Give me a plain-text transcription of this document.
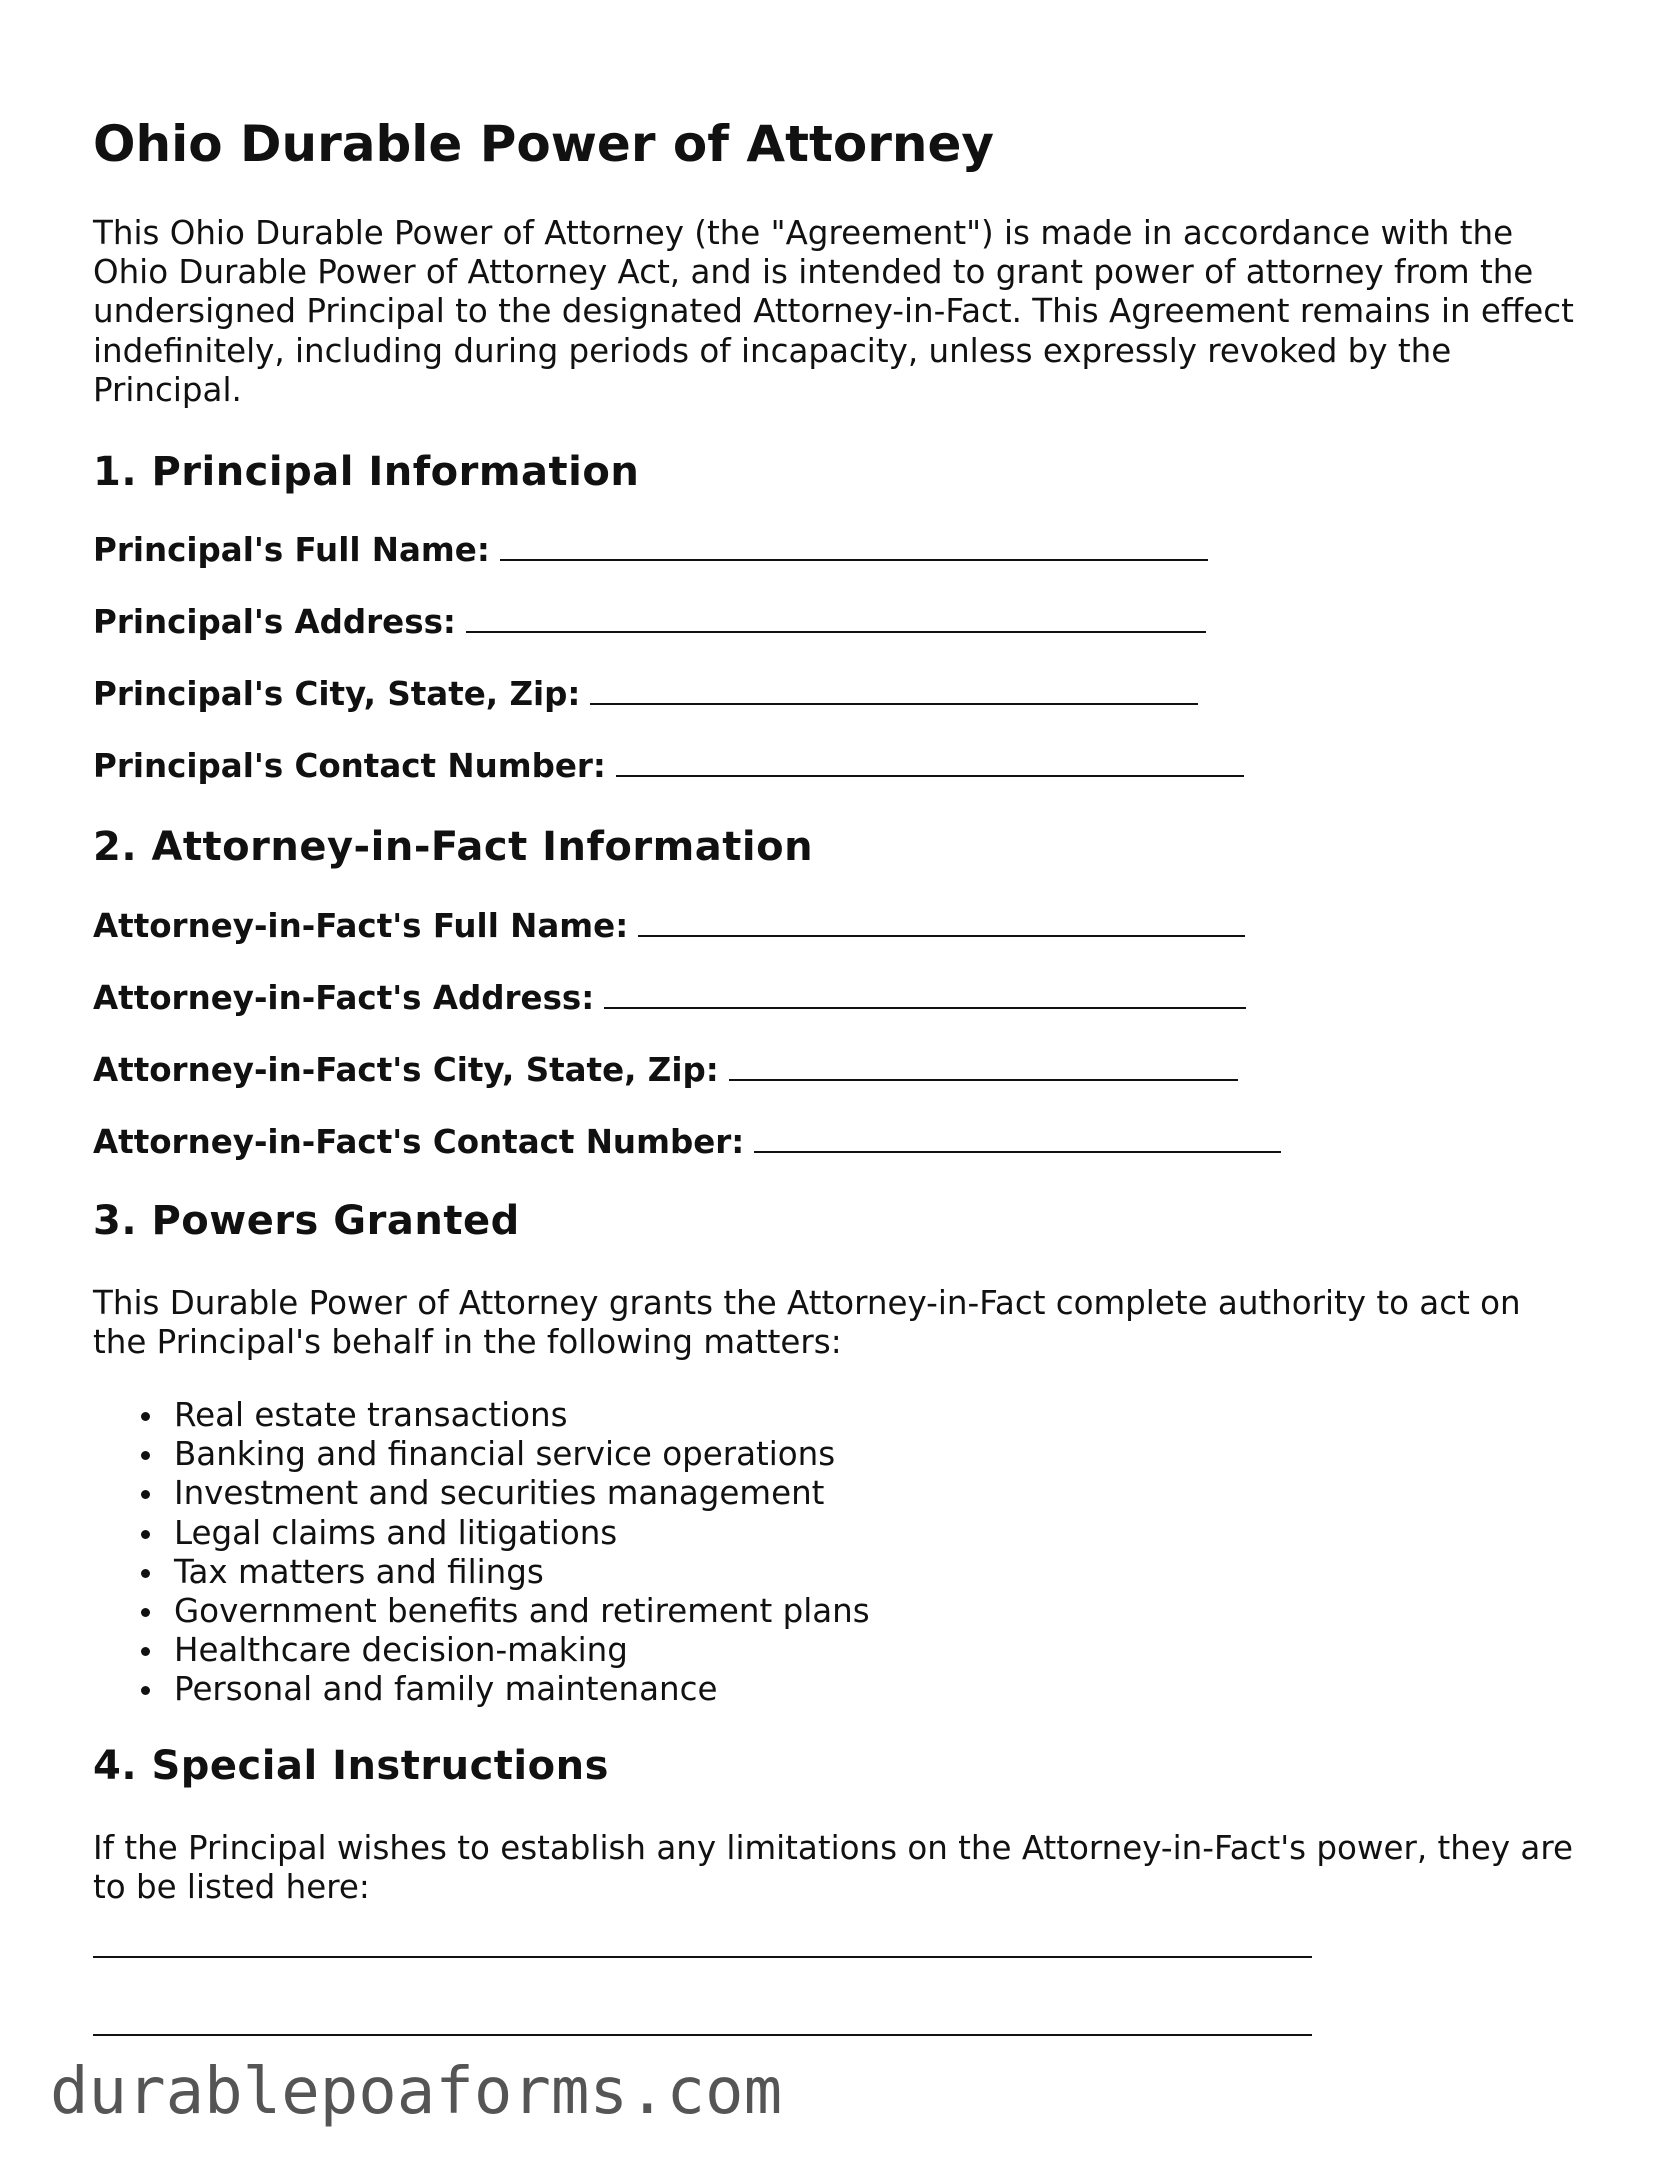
Ohio Durable Power of Attorney

This Ohio Durable Power of Attorney (the "Agreement") is made in accordance with the Ohio Durable Power of Attorney Act, and is intended to grant power of attorney from the undersigned Principal to the designated Attorney-in-Fact. This Agreement remains in effect indefinitely, including during periods of incapacity, unless expressly revoked by the Principal.

1. Principal Information
Principal's Full Name:
Principal's Address:
Principal's City, State, Zip:
Principal's Contact Number:
2. Attorney-in-Fact Information
Attorney-in-Fact's Full Name:
Attorney-in-Fact's Address:
Attorney-in-Fact's City, State, Zip:
Attorney-in-Fact's Contact Number:
3. Powers Granted

This Durable Power of Attorney grants the Attorney-in-Fact complete authority to act on the Principal's behalf in the following matters:

Real estate transactions
Banking and financial service operations
Investment and securities management
Legal claims and litigations
Tax matters and filings
Government benefits and retirement plans
Healthcare decision-making
Personal and family maintenance
4. Special Instructions

If the Principal wishes to establish any limitations on the Attorney-in-Fact's power, they are to be listed here:

durablepoaforms.com
